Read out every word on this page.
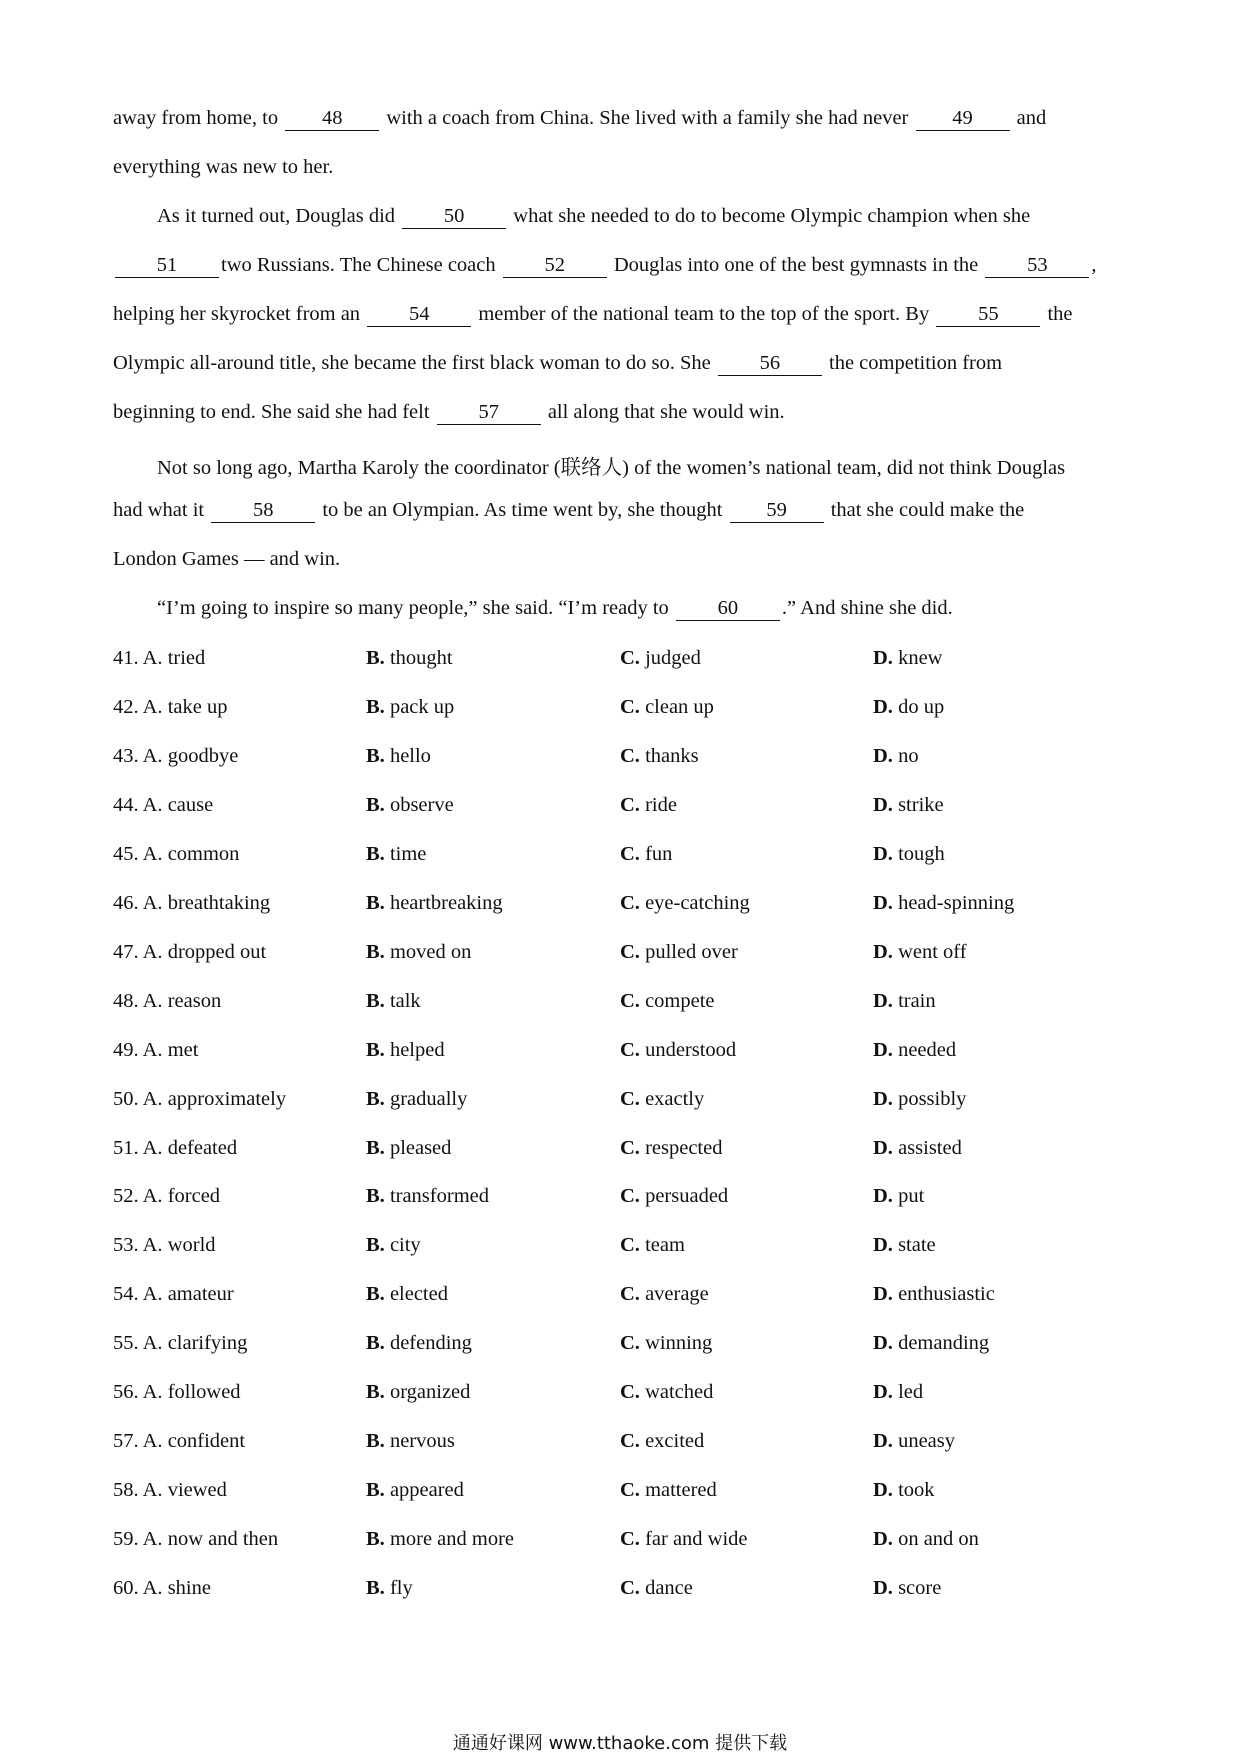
away from home, to 48 with a coach from China. She lived with a family she had never 49 and
everything was new to her.
As it turned out, Douglas did 50 what she needed to do to become Olympic champion when she
51 two Russians. The Chinese coach 52 Douglas into one of the best gymnasts in the 53 ,
helping her skyrocket from an 54 member of the national team to the top of the sport. By 55 the
Olympic all-around title, she became the first black woman to do so. She 56 the competition from
beginning to end. She said she had felt 57 all along that she would win.
Not so long ago, Martha Karoly the coordinator (联络人) of the women’s national team, did not think Douglas
had what it 58 to be an Olympian. As time went by, she thought 59 that she could make the
London Games — and win.
“I’m going to inspire so many people,” she said. “I’m ready to 60 .” And shine she did.
41. A. tried	B. thought	C. judged	D. knew
42. A. take up	B. pack up	C. clean up	D. do up
43. A. goodbye	B. hello	C. thanks	D. no
44. A. cause	B. observe	C. ride	D. strike
45. A. common	B. time	C. fun	D. tough
46. A. breathtaking	B. heartbreaking	C. eye-catching	D. head-spinning
47. A. dropped out	B. moved on	C. pulled over	D. went off
48. A. reason	B. talk	C. compete	D. train
49. A. met	B. helped	C. understood	D. needed
50. A. approximately	B. gradually	C. exactly	D. possibly
51. A. defeated	B. pleased	C. respected	D. assisted
52. A. forced	B. transformed	C. persuaded	D. put
53. A. world	B. city	C. team	D. state
54. A. amateur	B. elected	C. average	D. enthusiastic
55. A. clarifying	B. defending	C. winning	D. demanding
56. A. followed	B. organized	C. watched	D. led
57. A. confident	B. nervous	C. excited	D. uneasy
58. A. viewed	B. appeared	C. mattered	D. took
59. A. now and then	B. more and more	C. far and wide	D. on and on
60. A. shine	B. fly	C. dance	D. score
通通好课网 www.tthaoke.com 提供下载
